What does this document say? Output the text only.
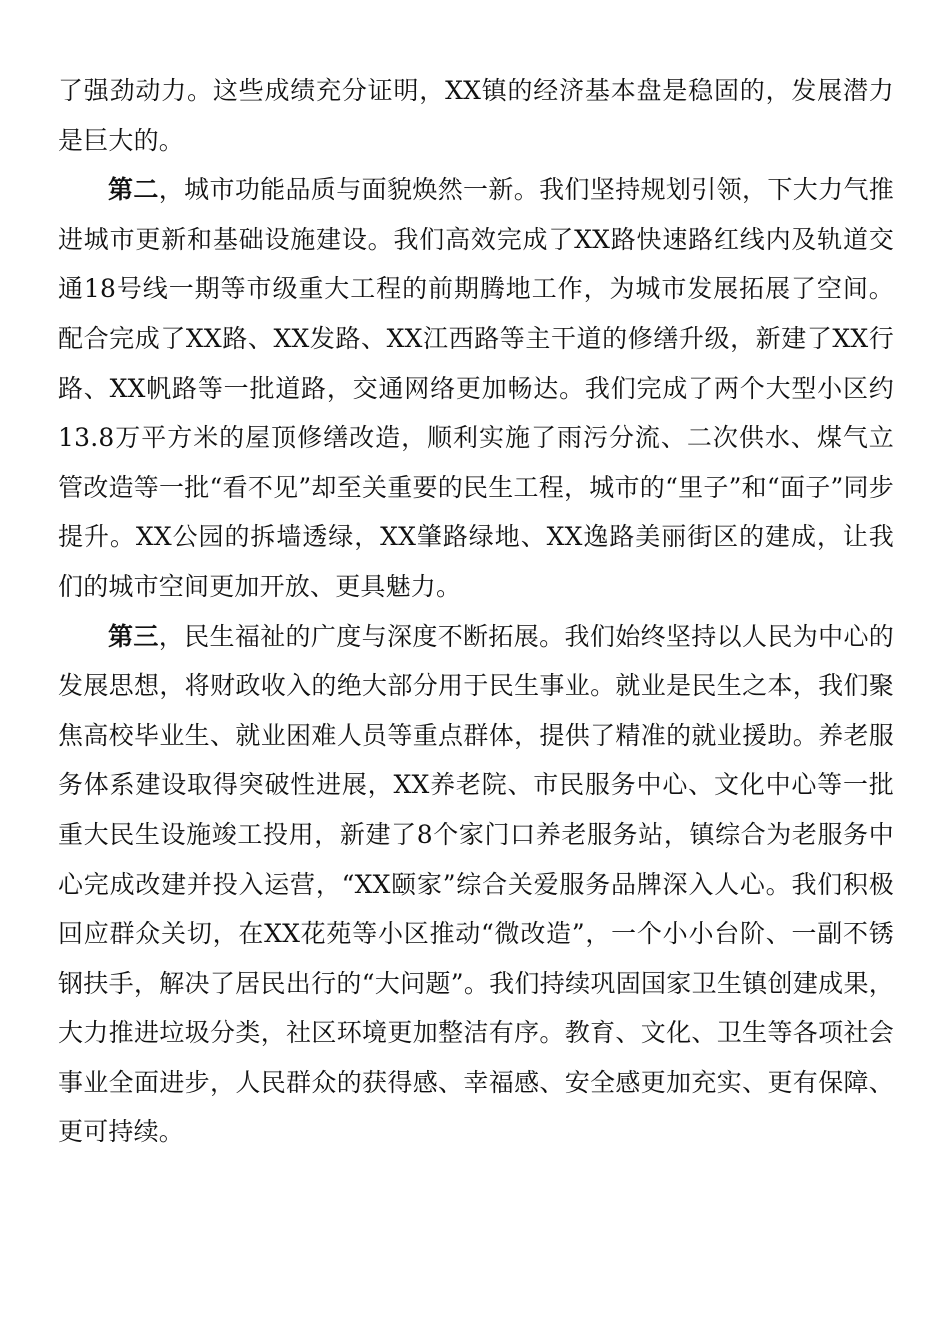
了强劲动力。这些成绩充分证明，XX镇的经济基本盘是稳固的，发展潜力是巨大的。

第二，城市功能品质与面貌焕然一新。我们坚持规划引领，下大力气推进城市更新和基础设施建设。我们高效完成了XX路快速路红线内及轨道交通18号线一期等市级重大工程的前期腾地工作，为城市发展拓展了空间。配合完成了XX路、XX发路、XX江西路等主干道的修缮升级，新建了XX行路、XX帆路等一批道路，交通网络更加畅达。我们完成了两个大型小区约13.8万平方米的屋顶修缮改造，顺利实施了雨污分流、二次供水、煤气立管改造等一批“看不见”却至关重要的民生工程，城市的“里子”和“面子”同步提升。XX公园的拆墙透绿，XX肇路绿地、XX逸路美丽街区的建成，让我们的城市空间更加开放、更具魅力。

第三，民生福祉的广度与深度不断拓展。我们始终坚持以人民为中心的发展思想，将财政收入的绝大部分用于民生事业。就业是民生之本，我们聚焦高校毕业生、就业困难人员等重点群体，提供了精准的就业援助。养老服务体系建设取得突破性进展，XX养老院、市民服务中心、文化中心等一批重大民生设施竣工投用，新建了8个家门口养老服务站，镇综合为老服务中心完成改建并投入运营，“XX颐家”综合关爱服务品牌深入人心。我们积极回应群众关切，在XX花苑等小区推动“微改造”，一个小小台阶、一副不锈钢扶手，解决了居民出行的“大问题”。我们持续巩固国家卫生镇创建成果，大力推进垃圾分类，社区环境更加整洁有序。教育、文化、卫生等各项社会事业全面进步，人民群众的获得感、幸福感、安全感更加充实、更有保障、更可持续。
